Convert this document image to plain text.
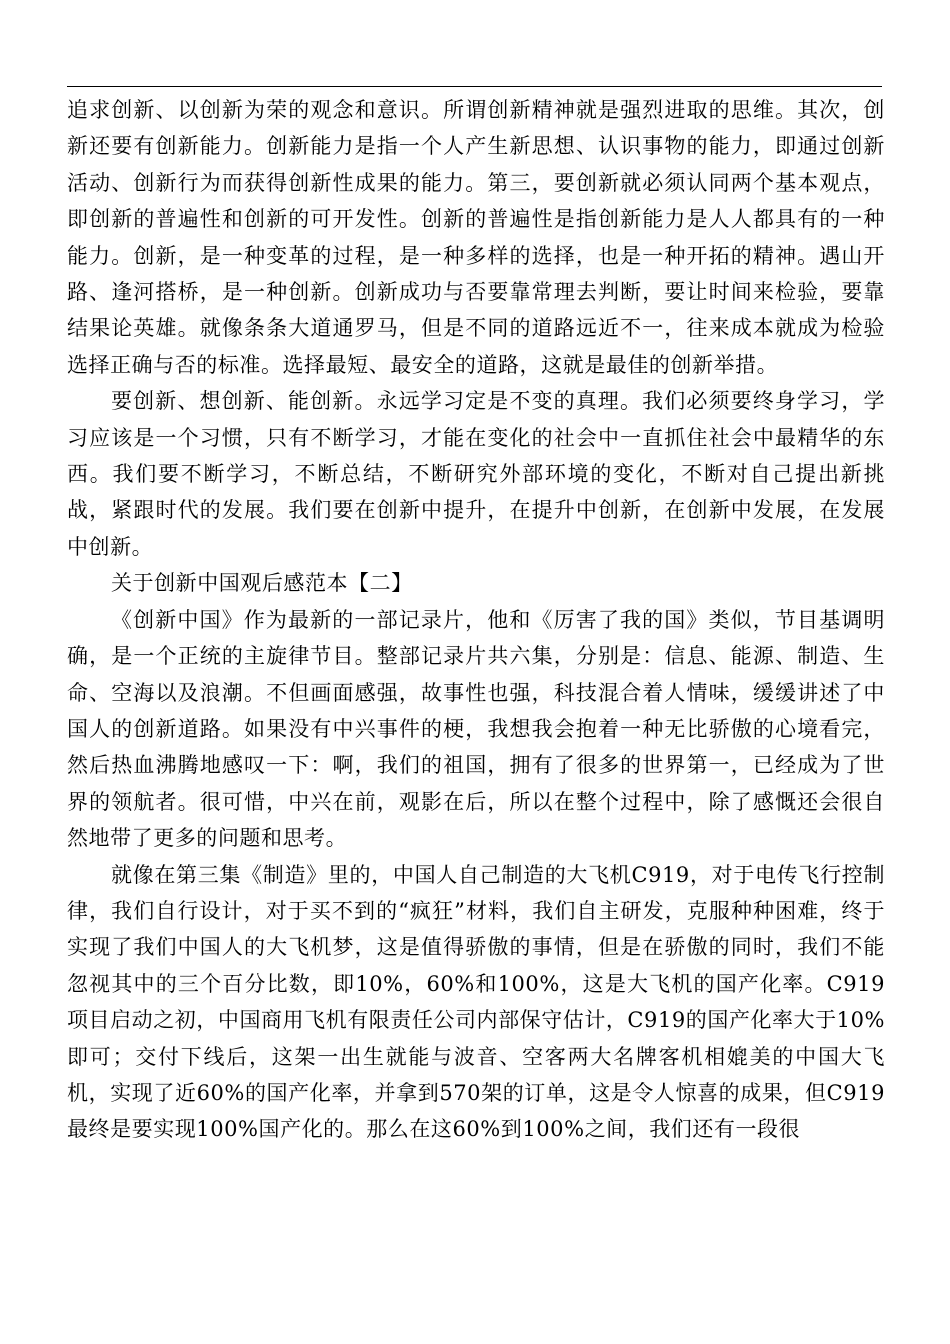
追求创新、以创新为荣的观念和意识。所谓创新精神就是强烈进取的思维。其次，创新还要有创新能力。创新能力是指一个人产生新思想、认识事物的能力，即通过创新活动、创新行为而获得创新性成果的能力。第三，要创新就必须认同两个基本观点，即创新的普遍性和创新的可开发性。创新的普遍性是指创新能力是人人都具有的一种能力。创新，是一种变革的过程，是一种多样的选择，也是一种开拓的精神。遇山开路、逢河搭桥，是一种创新。创新成功与否要靠常理去判断，要让时间来检验，要靠结果论英雄。就像条条大道通罗马，但是不同的道路远近不一，往来成本就成为检验选择正确与否的标准。选择最短、最安全的道路，这就是最佳的创新举措。

要创新、想创新、能创新。永远学习定是不变的真理。我们必须要终身学习，学习应该是一个习惯，只有不断学习，才能在变化的社会中一直抓住社会中最精华的东西。我们要不断学习，不断总结，不断研究外部环境的变化，不断对自己提出新挑战，紧跟时代的发展。我们要在创新中提升，在提升中创新，在创新中发展，在发展中创新。

关于创新中国观后感范本【二】

《创新中国》作为最新的一部记录片，他和《厉害了我的国》类似，节目基调明确，是一个正统的主旋律节目。整部记录片共六集，分别是：信息、能源、制造、生命、空海以及浪潮。不但画面感强，故事性也强，科技混合着人情味，缓缓讲述了中国人的创新道路。如果没有中兴事件的梗，我想我会抱着一种无比骄傲的心境看完，然后热血沸腾地感叹一下：啊，我们的祖国，拥有了很多的世界第一，已经成为了世界的领航者。很可惜，中兴在前，观影在后，所以在整个过程中，除了感慨还会很自然地带了更多的问题和思考。

就像在第三集《制造》里的，中国人自己制造的大飞机C919，对于电传飞行控制律，我们自行设计，对于买不到的“疯狂”材料，我们自主研发，克服种种困难，终于实现了我们中国人的大飞机梦，这是值得骄傲的事情，但是在骄傲的同时，我们不能忽视其中的三个百分比数，即10%，60%和100%，这是大飞机的国产化率。C919项目启动之初，中国商用飞机有限责任公司内部保守估计，C919的国产化率大于10%即可；交付下线后，这架一出生就能与波音、空客两大名牌客机相媲美的中国大飞机，实现了近60%的国产化率，并拿到570架的订单，这是令人惊喜的成果，但C919最终是要实现100%国产化的。那么在这60%到100%之间，我们还有一段很
